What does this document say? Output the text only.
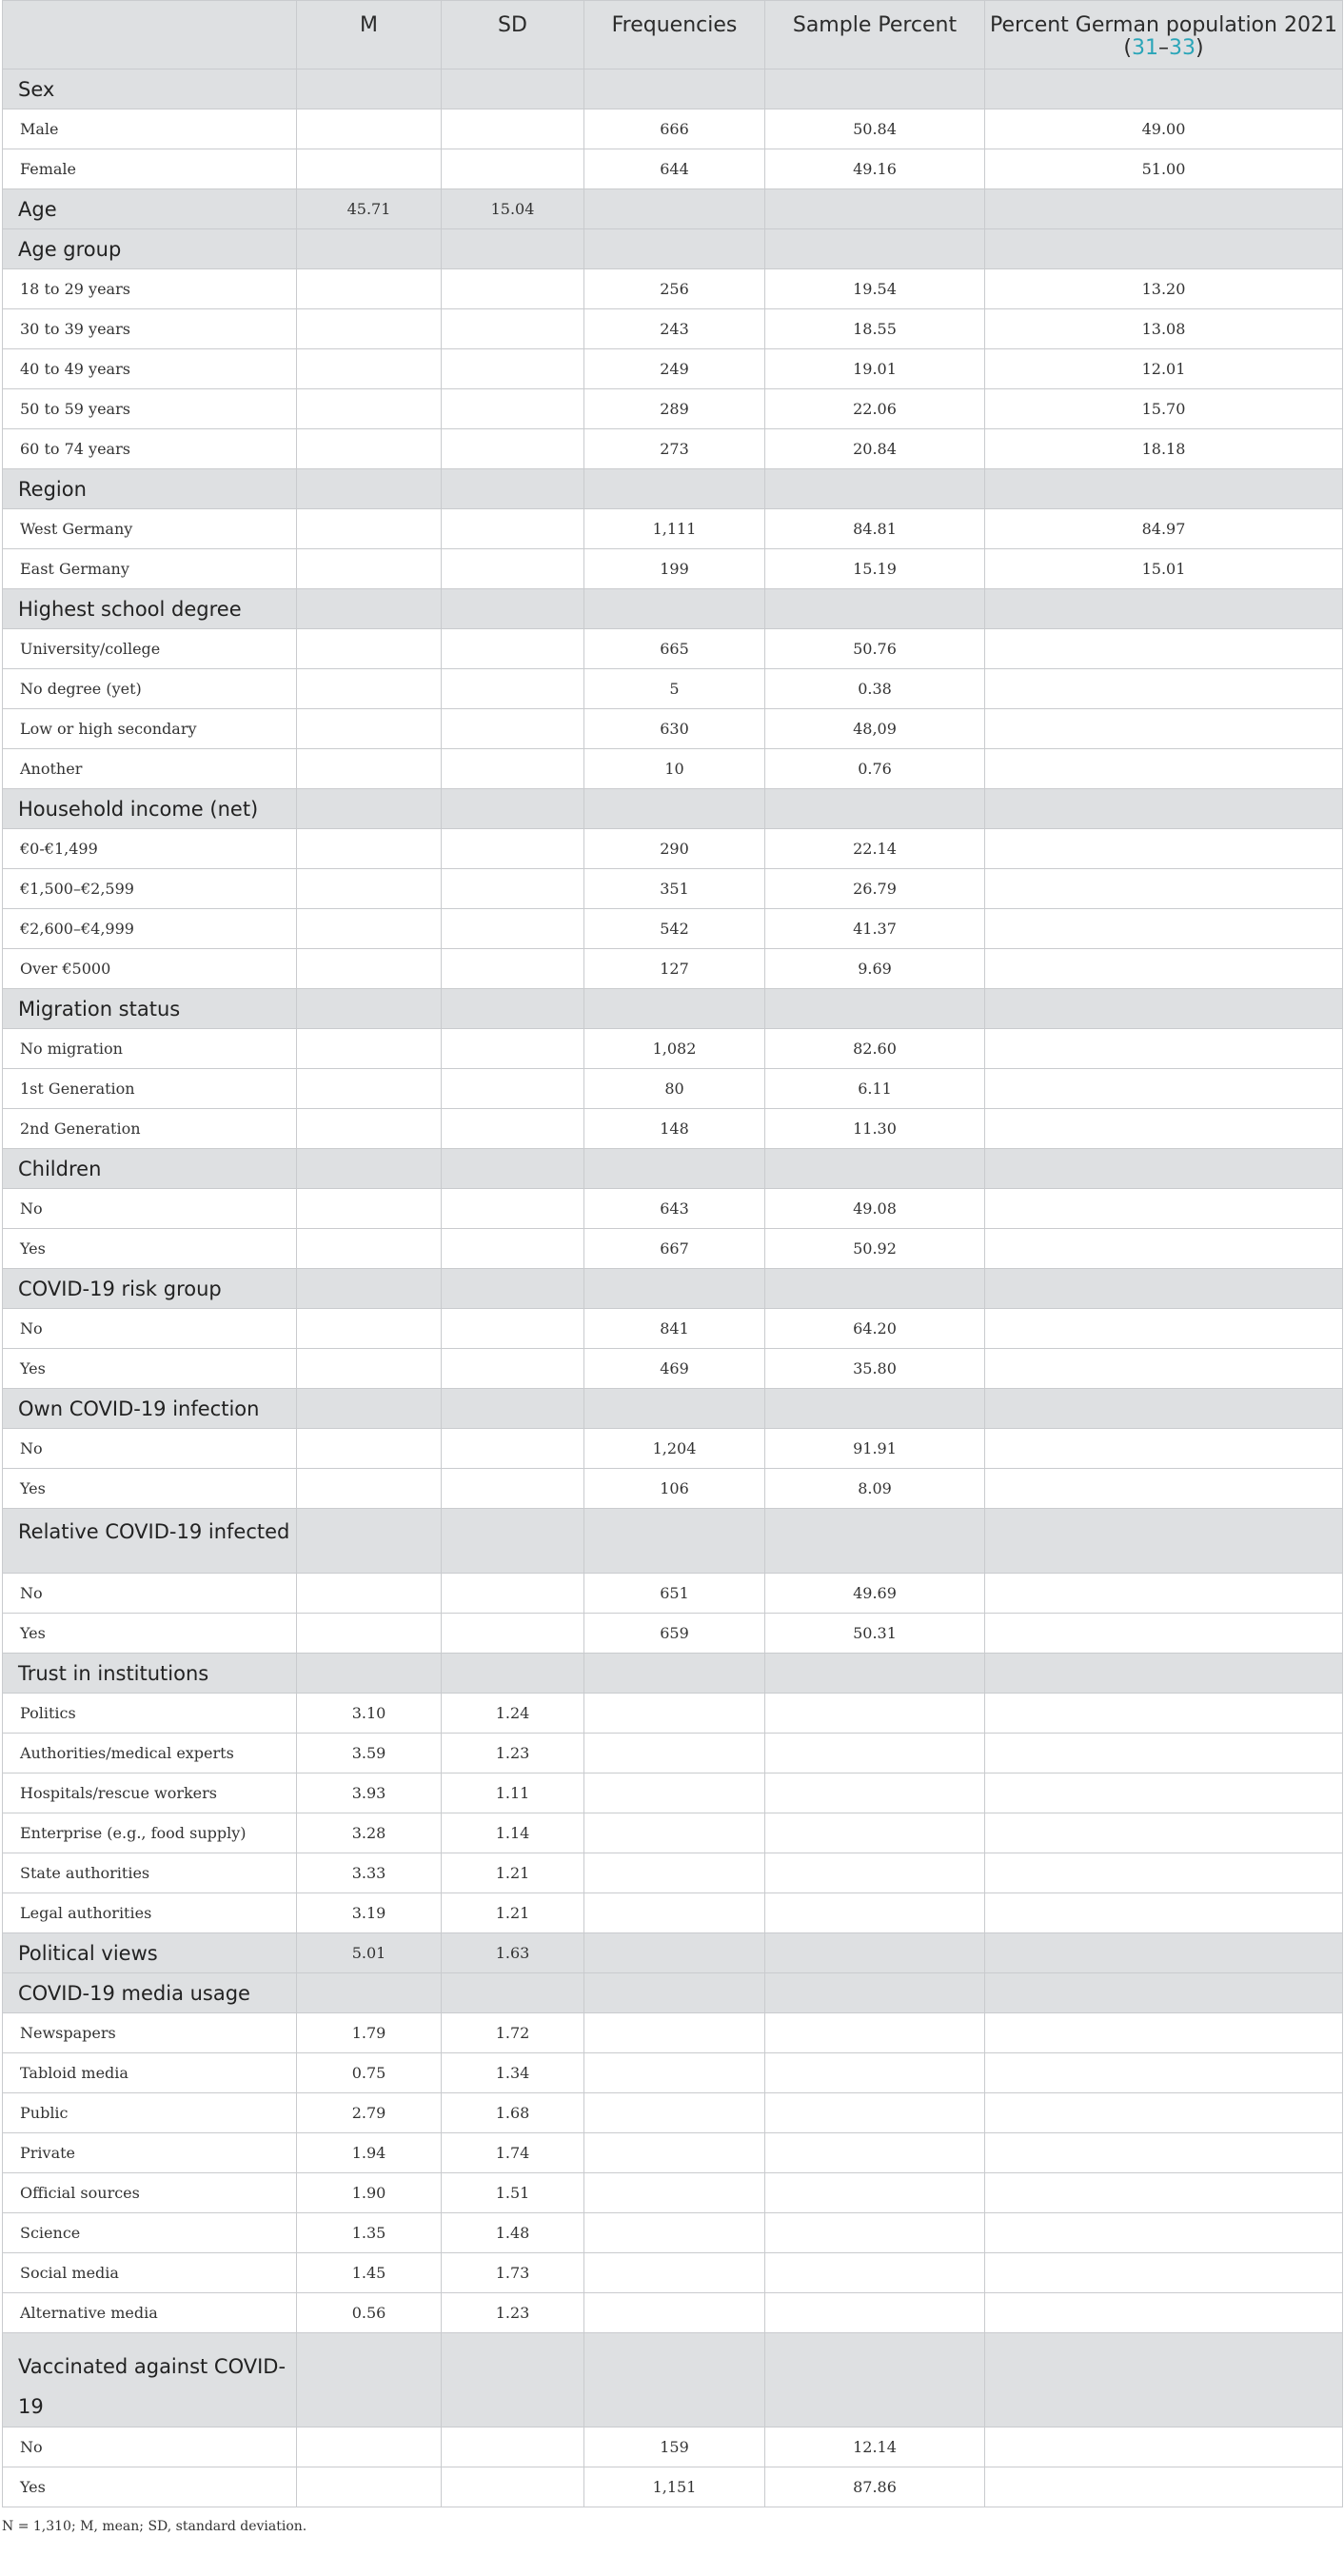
	M	SD	Frequencies	Sample Percent	Percent German population 2021 (31–33)
Sex					
Male			666	50.84	49.00
Female			644	49.16	51.00
Age	45.71	15.04			
Age group					
18 to 29 years			256	19.54	13.20
30 to 39 years			243	18.55	13.08
40 to 49 years			249	19.01	12.01
50 to 59 years			289	22.06	15.70
60 to 74 years			273	20.84	18.18
Region					
West Germany			1,111	84.81	84.97
East Germany			199	15.19	15.01
Highest school degree					
University/college			665	50.76	
No degree (yet)			5	0.38	
Low or high secondary			630	48,09	
Another			10	0.76	
Household income (net)					
€0-€1,499			290	22.14	
€1,500–€2,599			351	26.79	
€2,600–€4,999			542	41.37	
Over €5000			127	9.69	
Migration status					
No migration			1,082	82.60	
1st Generation			80	6.11	
2nd Generation			148	11.30	
Children					
No			643	49.08	
Yes			667	50.92	
COVID-19 risk group					
No			841	64.20	
Yes			469	35.80	
Own COVID-19 infection					
No			1,204	91.91	
Yes			106	8.09	
Relative COVID-19 infected					
No			651	49.69	
Yes			659	50.31	
Trust in institutions					
Politics	3.10	1.24			
Authorities/medical experts	3.59	1.23			
Hospitals/rescue workers	3.93	1.11			
Enterprise (e.g., food supply)	3.28	1.14			
State authorities	3.33	1.21			
Legal authorities	3.19	1.21			
Political views	5.01	1.63			
COVID-19 media usage					
Newspapers	1.79	1.72			
Tabloid media	0.75	1.34			
Public	2.79	1.68			
Private	1.94	1.74			
Official sources	1.90	1.51			
Science	1.35	1.48			
Social media	1.45	1.73			
Alternative media	0.56	1.23			
Vaccinated against COVID-19					
No			159	12.14	
Yes			1,151	87.86	
N = 1,310; M, mean; SD, standard deviation.
